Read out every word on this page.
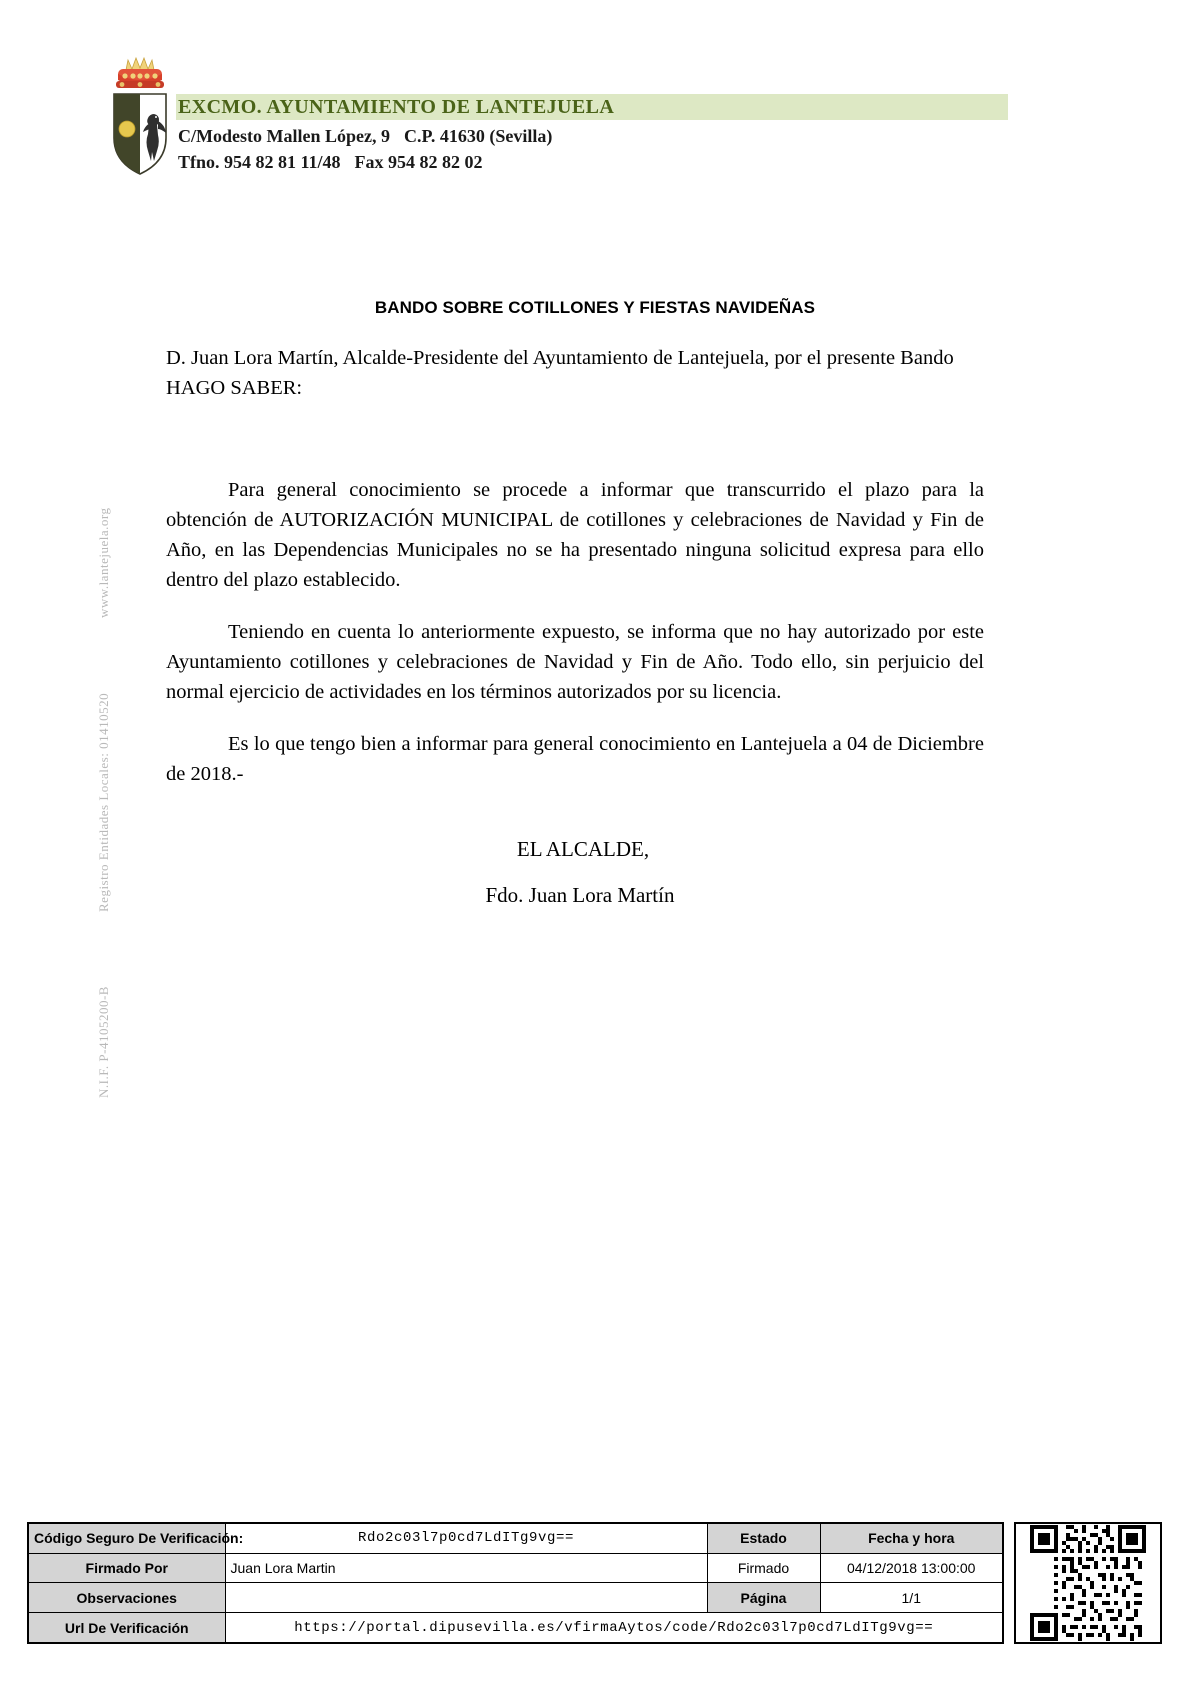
EXCMO. AYUNTAMIENTO DE LANTEJUELA
C/Modesto Mallen López, 9 C.P. 41630 (Sevilla)
Tfno. 954 82 81 11/48 Fax 954 82 82 02
www.lantejuela.org
Registro Entidades Locales: 01410520
N.I.F. P-4105200-B
BANDO SOBRE COTILLONES Y FIESTAS NAVIDEÑAS

D. Juan Lora Martín, Alcalde-Presidente del Ayuntamiento de Lantejuela, por el presente Bando
HAGO SABER:

Para general conocimiento se procede a informar que transcurrido el plazo para la obtención de AUTORIZACIÓN MUNICIPAL de cotillones y celebraciones de Navidad y Fin de Año, en las Dependencias Municipales no se ha presentado ninguna solicitud expresa para ello dentro del plazo establecido.

Teniendo en cuenta lo anteriormente expuesto, se informa que no hay autorizado por este Ayuntamiento cotillones y celebraciones de Navidad y Fin de Año. Todo ello, sin perjuicio del normal ejercicio de actividades en los términos autorizados por su licencia.

Es lo que tengo bien a informar para general conocimiento en Lantejuela a 04 de Diciembre de 2018.-

EL ALCALDE,
Fdo. Juan Lora Martín
Código Seguro De Verificación:	Rdo2c03l7p0cd7LdITg9vg==	Estado	Fecha y hora
Firmado Por	Juan Lora Martin	Firmado	04/12/2018 13:00:00
Observaciones		Página	1/1
Url De Verificación	https://portal.dipusevilla.es/vfirmaAytos/code/Rdo2c03l7p0cd7LdITg9vg==		
